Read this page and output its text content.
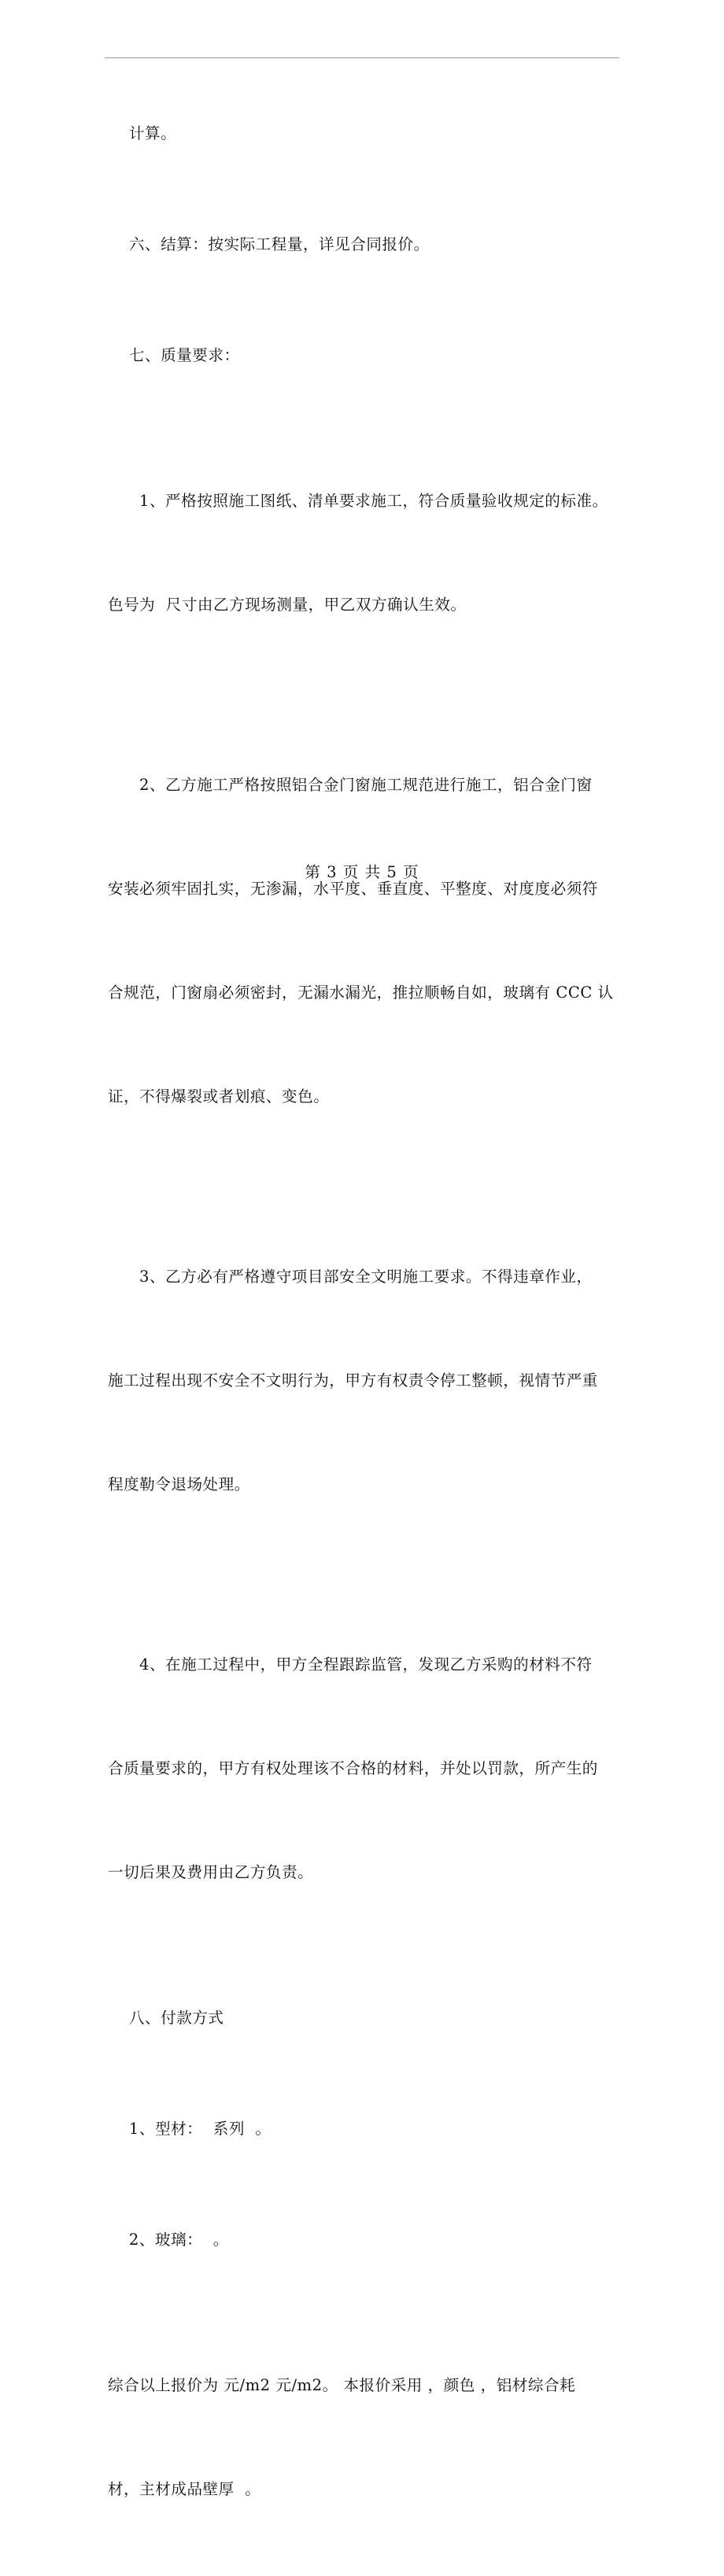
计算。

六、结算：按实际工程量，详见合同报价。

七、质量要求：

1、严格按照施工图纸、清单要求施工，符合质量验收规定的标准。

色号为  尺寸由乙方现场测量，甲乙双方确认生效。

2、乙方施工严格按照铝合金门窗施工规范进行施工，铝合金门窗

安装必须牢固扎实，无渗漏，水平度、垂直度、平整度、对度度必须符

合规范，门窗扇必须密封，无漏水漏光，推拉顺畅自如，玻璃有 CCC 认

证，不得爆裂或者划痕、变色。

3、乙方必有严格遵守项目部安全文明施工要求。不得违章作业，

施工过程出现不安全不文明行为，甲方有权责令停工整顿，视情节严重

程度勒令退场处理。

4、在施工过程中，甲方全程跟踪监管，发现乙方采购的材料不符

合质量要求的，甲方有权处理该不合格的材料，并处以罚款，所产生的

一切后果及费用由乙方负责。

八、付款方式

1、型材：  系列  。

2、玻璃：  。

综合以上报价为 元/m2 元/m2。 本报价采用 ，颜色 ，铝材综合耗

材，主材成品壁厚  。

第 3 页 共 5 页
